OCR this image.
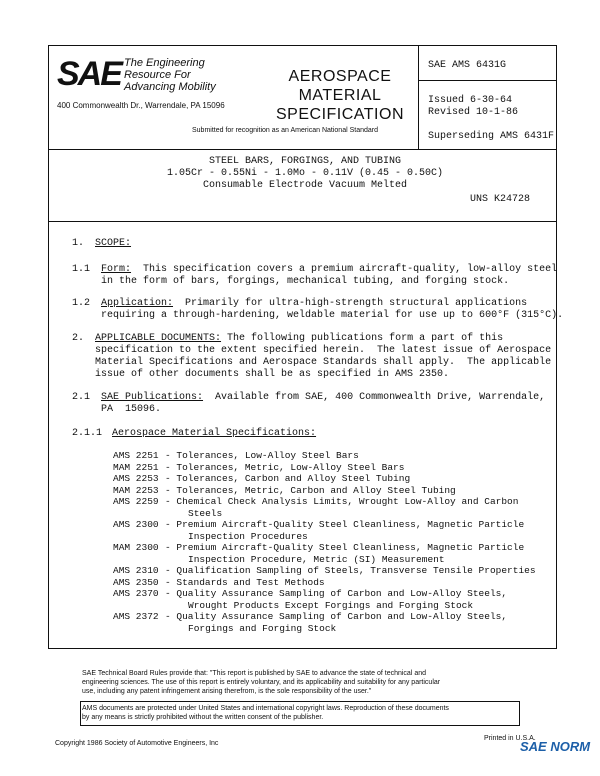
SAE The Engineering
Resource For
Advancing Mobility
400 Commonwealth Dr., Warrendale, PA 15096
AEROSPACE
MATERIAL
SPECIFICATION
Submitted for recognition as an American National Standard
SAE AMS 6431G
Issued 6-30-64
Revised 10-1-86
Superseding AMS 6431F
STEEL BARS, FORGINGS, AND TUBING
1.05Cr - 0.55Ni - 1.0Mo - 0.11V (0.45 - 0.50C)
Consumable Electrode Vacuum Melted
UNS K24728
1. SCOPE:
1.1 Form: This specification covers a premium aircraft-quality, low-alloy steel
in the form of bars, forgings, mechanical tubing, and forging stock.
1.2 Application: Primarily for ultra-high-strength structural applications
requiring a through-hardening, weldable material for use up to 600°F (315°C).
2. APPLICABLE DOCUMENTS: The following publications form a part of this
specification to the extent specified herein.  The latest issue of Aerospace
Material Specifications and Aerospace Standards shall apply.  The applicable
issue of other documents shall be as specified in AMS 2350.
2.1 SAE Publications: Available from SAE, 400 Commonwealth Drive, Warrendale,
PA  15096.
2.1.1 Aerospace Material Specifications:
AMS 2251 - Tolerances, Low-Alloy Steel Bars
MAM 2251 - Tolerances, Metric, Low-Alloy Steel Bars
AMS 2253 - Tolerances, Carbon and Alloy Steel Tubing
MAM 2253 - Tolerances, Metric, Carbon and Alloy Steel Tubing
AMS 2259 - Chemical Check Analysis Limits, Wrought Low-Alloy and Carbon
Steels
AMS 2300 - Premium Aircraft-Quality Steel Cleanliness, Magnetic Particle
Inspection Procedures
MAM 2300 - Premium Aircraft-Quality Steel Cleanliness, Magnetic Particle
Inspection Procedure, Metric (SI) Measurement
AMS 2310 - Qualification Sampling of Steels, Transverse Tensile Properties
AMS 2350 - Standards and Test Methods
AMS 2370 - Quality Assurance Sampling of Carbon and Low-Alloy Steels,
Wrought Products Except Forgings and Forging Stock
AMS 2372 - Quality Assurance Sampling of Carbon and Low-Alloy Steels,
Forgings and Forging Stock
SAE Technical Board Rules provide that: "This report is published by SAE to advance the state of technical and
engineering sciences. The use of this report is entirely voluntary, and its applicability and suitability for any particular
use, including any patent infringement arising therefrom, is the sole responsibility of the user."
AMS documents are protected under United States and international copyright laws. Reproduction of these documents
by any means is strictly prohibited without the written consent of the publisher.
Copyright 1986 Society of Automotive Engineers, Inc
Printed in U.S.A.
SAE NORM
